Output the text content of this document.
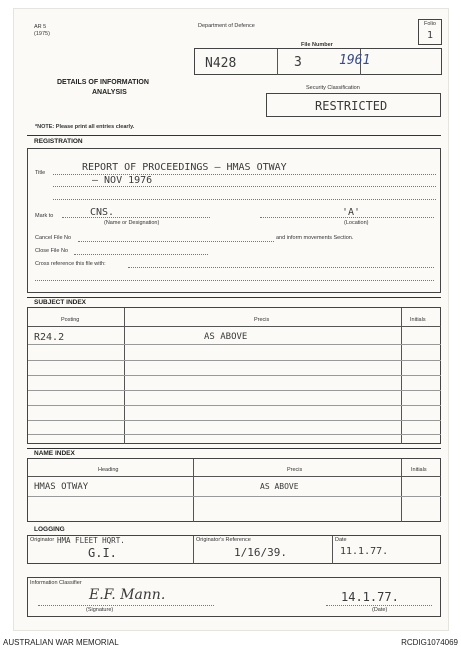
AR 5
(1975)
Department of Defence	Folio
1
File Number
N428	3	1961
DETAILS OF INFORMATION
ANALYSIS
Security Classification
RESTRICTED
*NOTE: Please print all entries clearly.
REGISTRATION
Title	REPORT OF PROCEEDINGS — HMAS OTWAY
— NOV 1976
Mark to	CNS.
(Name or Designation)
'A'
(Location)
Cancel File No	and inform movements Section.
Close File No
Cross reference this file with:
SUBJECT INDEX
Posting	Precis	Initials
R24.2	AS ABOVE
NAME INDEX
Heading	Precis	Initials
HMAS OTWAY	AS ABOVE
LOGGING
Originator HMA FLEET HQRT.
G.I.
Originator's Reference
1/16/39.
Date
11.1.77.
Information Classifier
E.F. Mann.
(Signature)
14.1.77.
(Date)
AUSTRALIAN WAR MEMORIAL	RCDIG1074069
